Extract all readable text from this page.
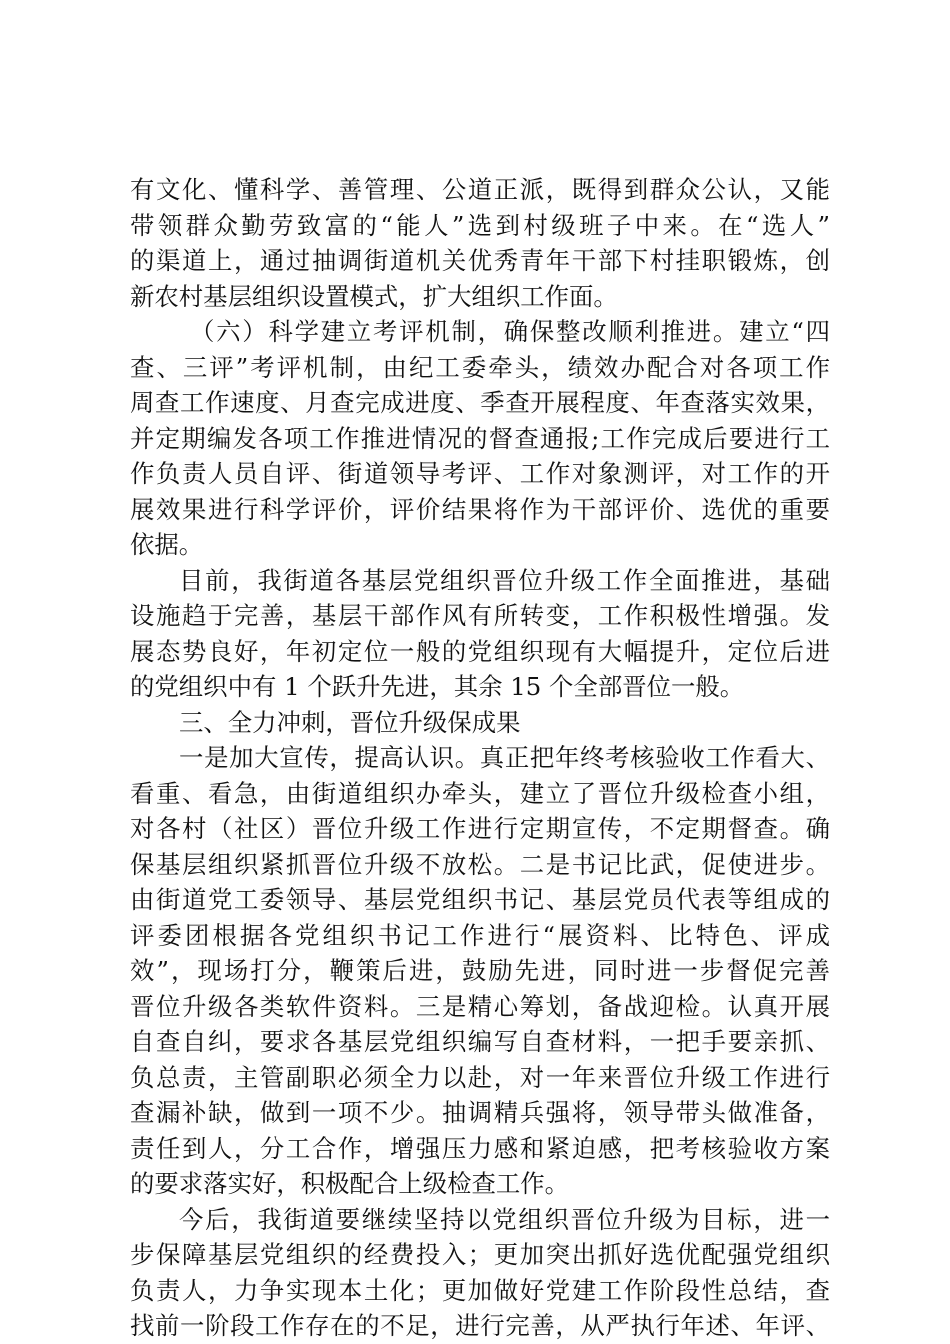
有文化、懂科学、善管理、公道正派，既得到群众公认，又能
带领群众勤劳致富的“能人”选到村级班子中来。在“选人”
的渠道上，通过抽调街道机关优秀青年干部下村挂职锻炼，创
新农村基层组织设置模式，扩大组织工作面。
（六）科学建立考评机制，确保整改顺利推进。建立“四
查、三评”考评机制，由纪工委牵头，绩效办配合对各项工作
周查工作速度、月查完成进度、季查开展程度、年查落实效果，
并定期编发各项工作推进情况的督查通报;工作完成后要进行工
作负责人员自评、街道领导考评、工作对象测评，对工作的开
展效果进行科学评价，评价结果将作为干部评价、选优的重要
依据。
目前，我街道各基层党组织晋位升级工作全面推进，基础
设施趋于完善，基层干部作风有所转变，工作积极性增强。发
展态势良好，年初定位一般的党组织现有大幅提升，定位后进
的党组织中有 1 个跃升先进，其余 15 个全部晋位一般。
三、全力冲刺，晋位升级保成果
一是加大宣传，提高认识。真正把年终考核验收工作看大、
看重、看急，由街道组织办牵头，建立了晋位升级检查小组，
对各村（社区）晋位升级工作进行定期宣传，不定期督查。确
保基层组织紧抓晋位升级不放松。二是书记比武，促使进步。
由街道党工委领导、基层党组织书记、基层党员代表等组成的
评委团根据各党组织书记工作进行“展资料、比特色、评成
效”，现场打分，鞭策后进，鼓励先进，同时进一步督促完善
晋位升级各类软件资料。三是精心筹划，备战迎检。认真开展
自查自纠，要求各基层党组织编写自查材料，一把手要亲抓、
负总责，主管副职必须全力以赴，对一年来晋位升级工作进行
查漏补缺，做到一项不少。抽调精兵强将，领导带头做准备，
责任到人，分工合作，增强压力感和紧迫感，把考核验收方案
的要求落实好，积极配合上级检查工作。
今后，我街道要继续坚持以党组织晋位升级为目标，进一
步保障基层党组织的经费投入；更加突出抓好选优配强党组织
负责人，力争实现本土化；更加做好党建工作阶段性总结，查
找前一阶段工作存在的不足，进行完善，从严执行年述、年评、
